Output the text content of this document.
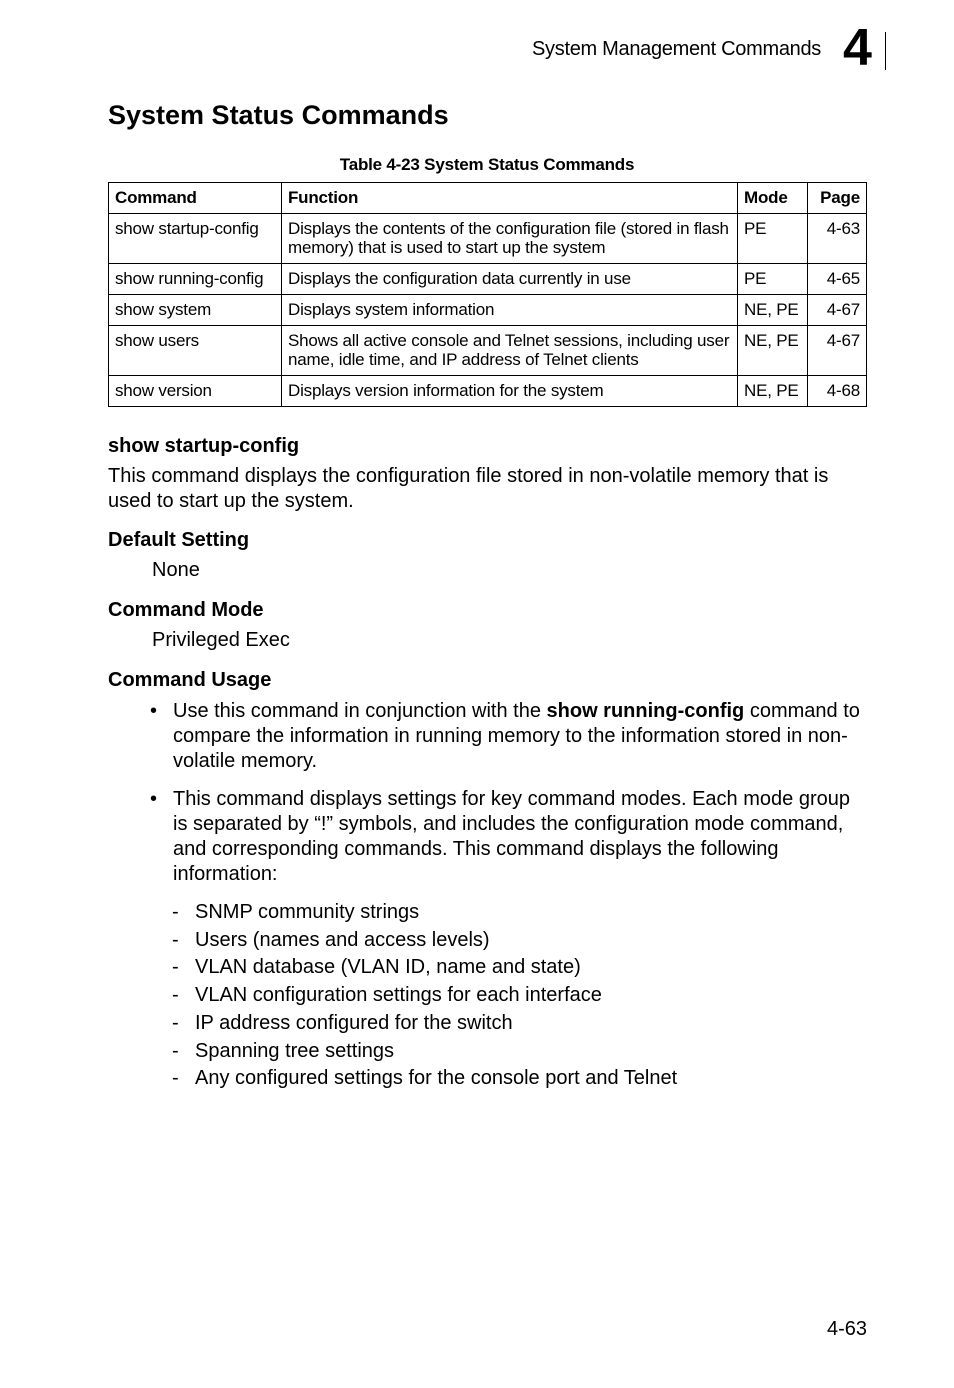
System Management Commands 4
System Status Commands
Table 4-23 System Status Commands
Command	Function	Mode	Page
show startup-config	Displays the contents of the configuration file (stored in flash memory) that is used to start up the system	PE	4-63
show running-config	Displays the configuration data currently in use	PE	4-65
show system	Displays system information	NE, PE	4-67
show users	Shows all active console and Telnet sessions, including user name, idle time, and IP address of Telnet clients	NE, PE	4-67
show version	Displays version information for the system	NE, PE	4-68
show startup-config
This command displays the configuration file stored in non-volatile memory that is used to start up the system.
Default Setting
None
Command Mode
Privileged Exec
Command Usage
• Use this command in conjunction with the show running-config command to compare the information in running memory to the information stored in non-volatile memory.
• This command displays settings for key command modes. Each mode group is separated by “!” symbols, and includes the configuration mode command, and corresponding commands. This command displays the following information:
- SNMP community strings
- Users (names and access levels)
- VLAN database (VLAN ID, name and state)
- VLAN configuration settings for each interface
- IP address configured for the switch
- Spanning tree settings
- Any configured settings for the console port and Telnet
4-63
